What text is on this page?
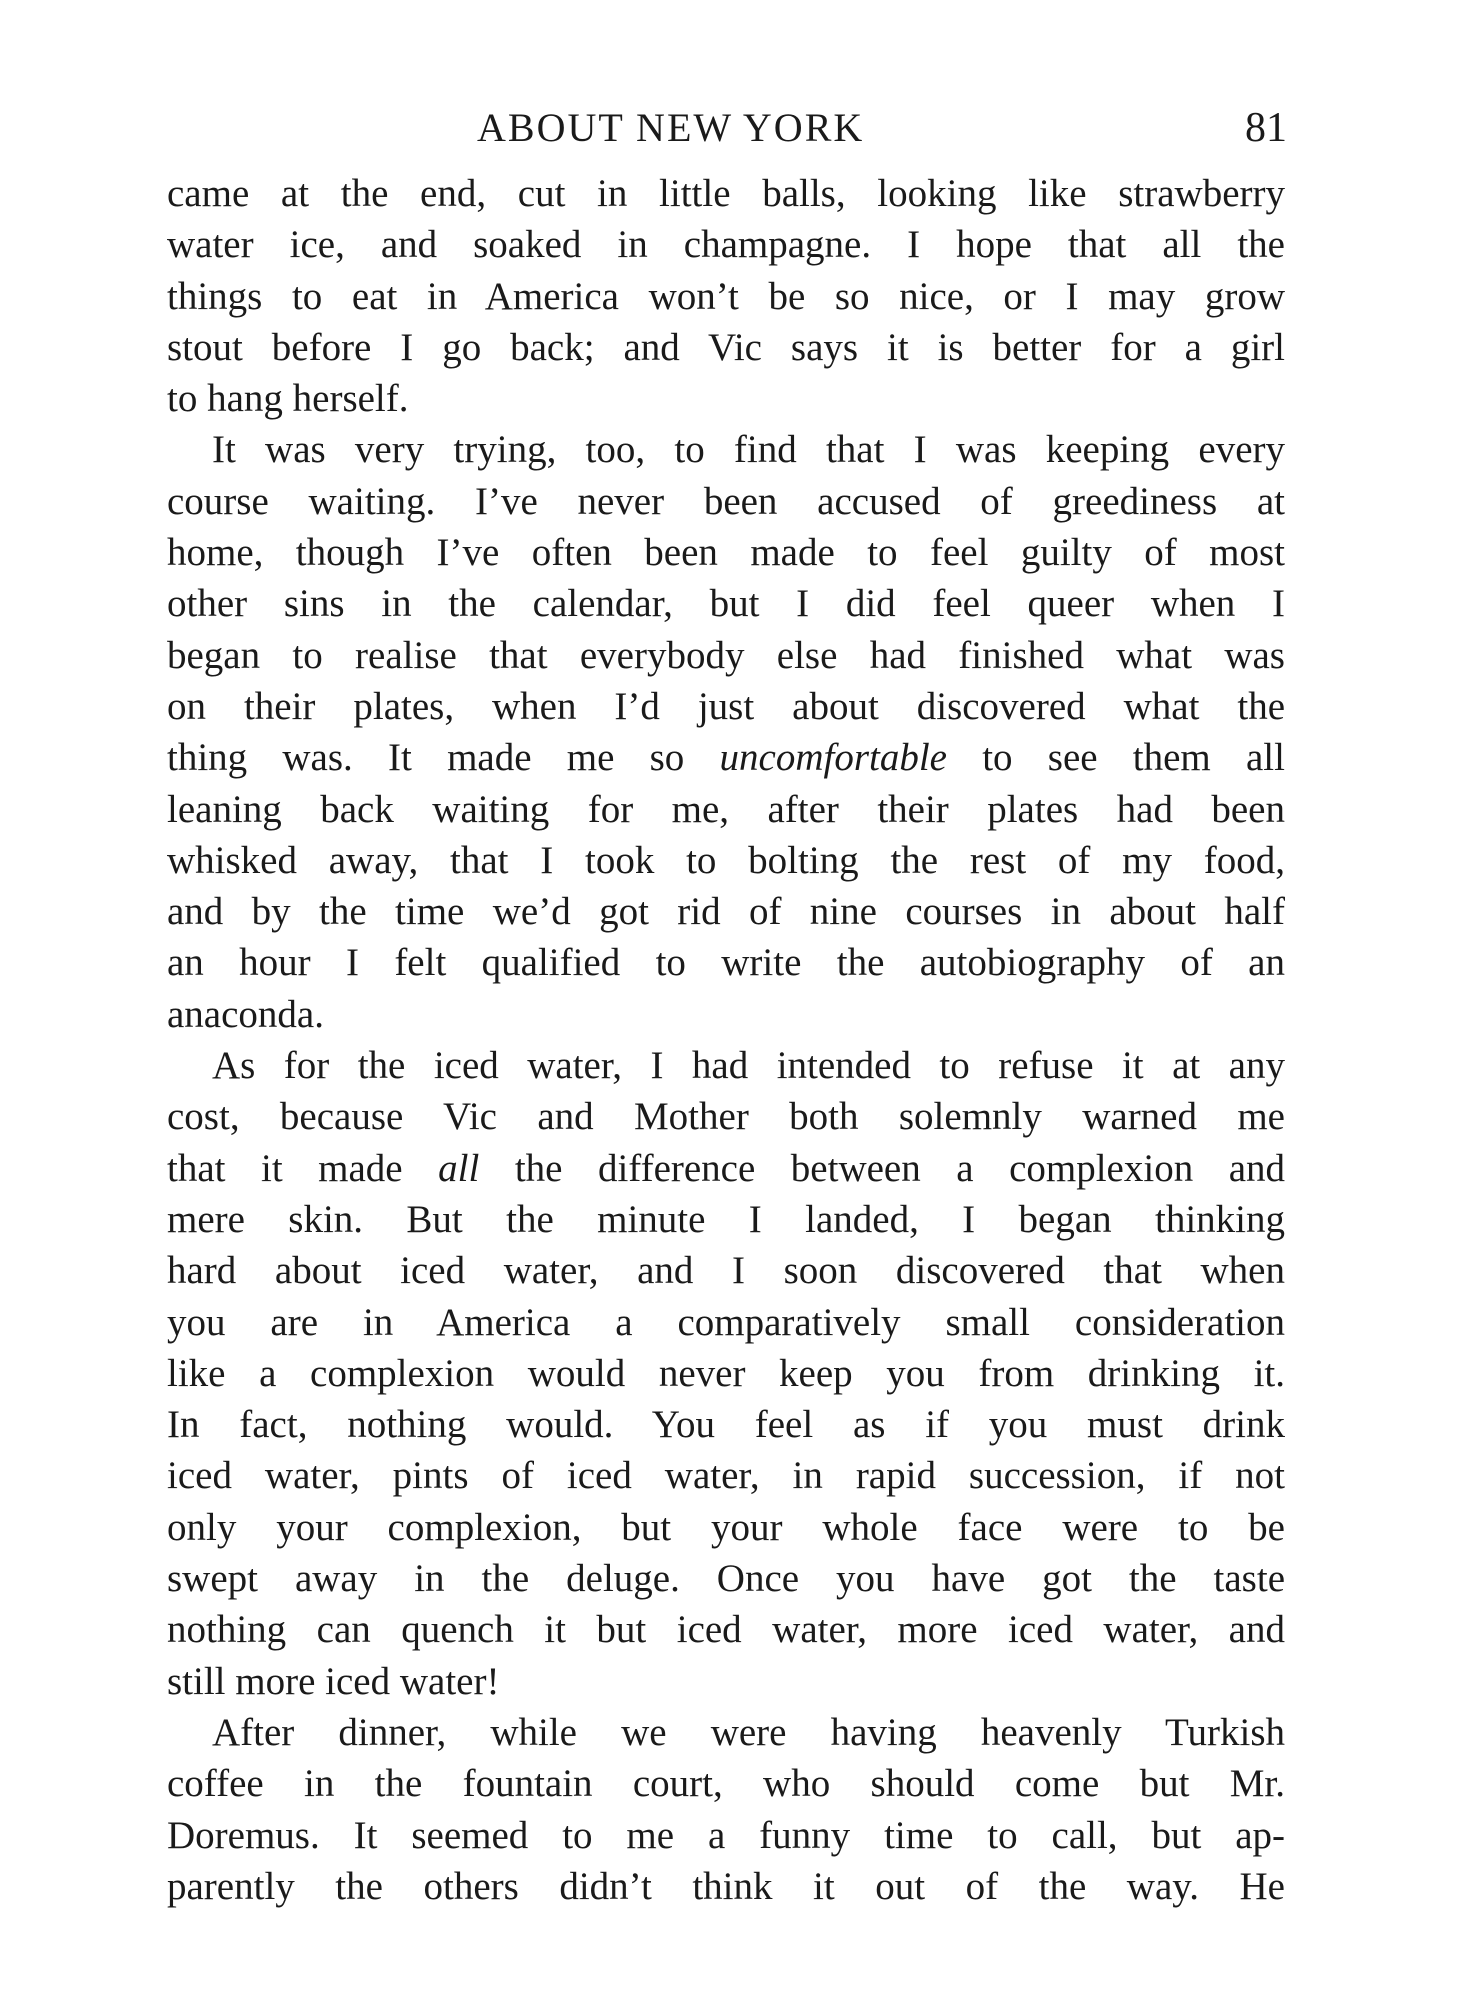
ABOUT NEW YORK	81
came at the end, cut in little balls, looking like strawberry
water ice, and soaked in champagne. I hope that all the
things to eat in America won’t be so nice, or I may grow
stout before I go back; and Vic says it is better for a girl
to hang herself.
It was very trying, too, to find that I was keeping every
course waiting. I’ve never been accused of greediness at
home, though I’ve often been made to feel guilty of most
other sins in the calendar, but I did feel queer when I
began to realise that everybody else had finished what was
on their plates, when I’d just about discovered what the
thing was. It made me so uncomfortable to see them all
leaning back waiting for me, after their plates had been
whisked away, that I took to bolting the rest of my food,
and by the time we’d got rid of nine courses in about half
an hour I felt qualified to write the autobiography of an
anaconda.
As for the iced water, I had intended to refuse it at any
cost, because Vic and Mother both solemnly warned me
that it made all the difference between a complexion and
mere skin. But the minute I landed, I began thinking
hard about iced water, and I soon discovered that when
you are in America a comparatively small consideration
like a complexion would never keep you from drinking it.
In fact, nothing would. You feel as if you must drink
iced water, pints of iced water, in rapid succession, if not
only your complexion, but your whole face were to be
swept away in the deluge. Once you have got the taste
nothing can quench it but iced water, more iced water, and
still more iced water!
After dinner, while we were having heavenly Turkish
coffee in the fountain court, who should come but Mr.
Doremus. It seemed to me a funny time to call, but ap-
parently the others didn’t think it out of the way. He
